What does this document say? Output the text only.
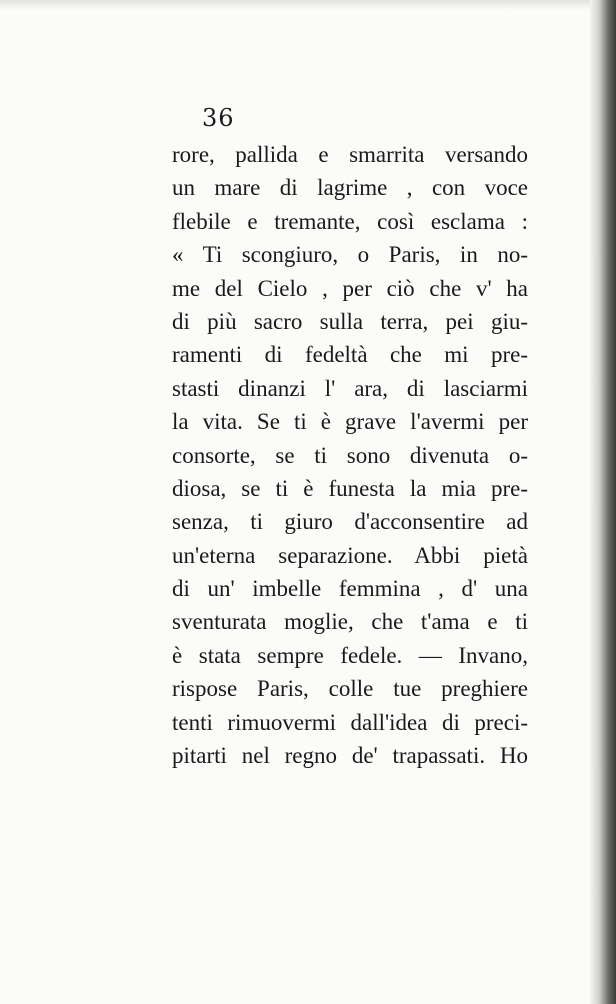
36
rore, pallida e smarrita versando
un mare di lagrime , con voce
flebile e tremante, così esclama :
« Ti scongiuro, o Paris, in no-
me del Cielo , per ciò che v' ha
di più sacro sulla terra, pei giu-
ramenti di fedeltà che mi pre-
stasti dinanzi l' ara, di lasciarmi
la vita. Se ti è grave l'avermi per
consorte, se ti sono divenuta o-
diosa, se ti è funesta la mia pre-
senza, ti giuro d'acconsentire ad
un'eterna separazione. Abbi pietà
di un' imbelle femmina , d' una
sventurata moglie, che t'ama e ti
è stata sempre fedele. — Invano,
rispose Paris, colle tue preghiere
tenti rimuovermi dall'idea di preci-
pitarti nel regno de' trapassati. Ho
